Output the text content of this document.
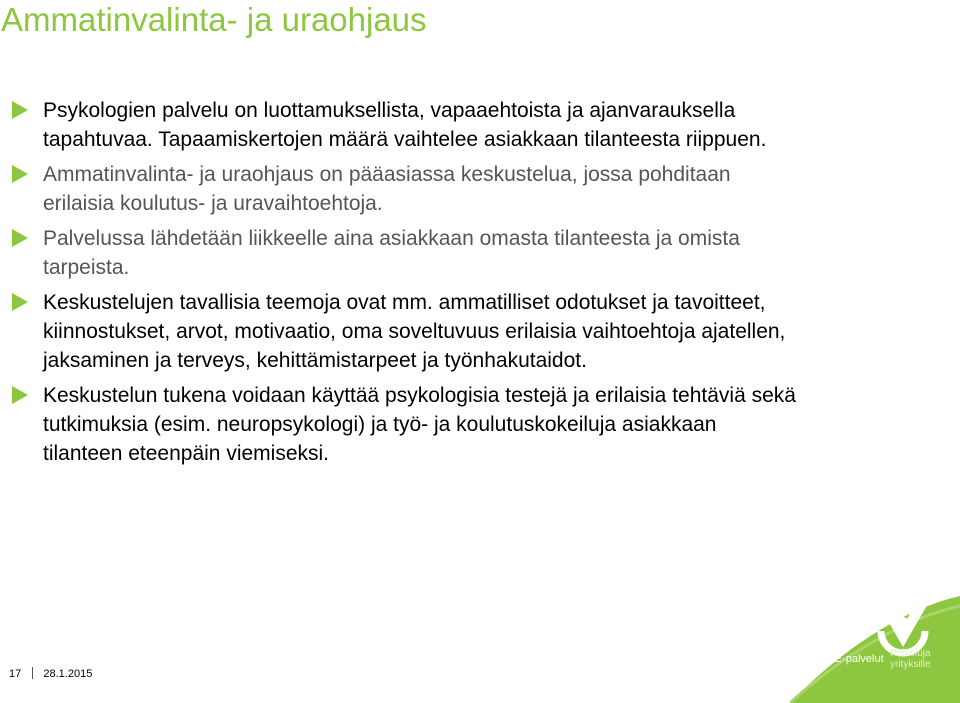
Ammatinvalinta- ja uraohjaus
Psykologien palvelu on luottamuksellista, vapaaehtoista ja ajanvarauksella tapahtuvaa. Tapaamiskertojen määrä vaihtelee asiakkaan tilanteesta riippuen.
Ammatinvalinta- ja uraohjaus on pääasiassa keskustelua, jossa pohditaan erilaisia koulutus- ja uravaihtoehtoja.
Palvelussa lähdetään liikkeelle aina asiakkaan omasta tilanteesta ja omista tarpeista.
Keskustelujen tavallisia teemoja ovat mm. ammatilliset odotukset ja tavoitteet, kiinnostukset, arvot, motivaatio, oma soveltuvuus erilaisia vaihtoehtoja ajatellen, jaksaminen ja terveys, kehittämistarpeet ja työnhakutaidot.
Keskustelun tukena voidaan käyttää psykologisia testejä ja erilaisia tehtäviä sekä tutkimuksia (esim. neuropsykologi) ja työ- ja koulutuskokeiluja asiakkaan tilanteen eteenpäin viemiseksi.
TE-palvelut Palveluja
yrityksille
17 28.1.2015
